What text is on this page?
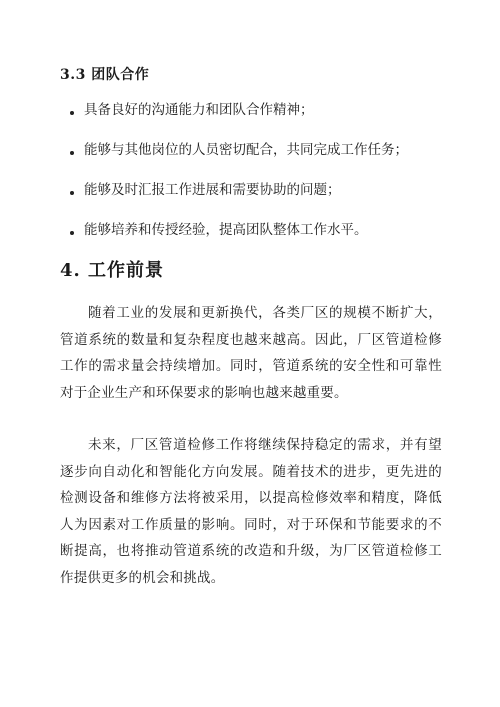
3.3 团队合作
具备良好的沟通能力和团队合作精神；
能够与其他岗位的人员密切配合，共同完成工作任务；
能够及时汇报工作进展和需要协助的问题；
能够培养和传授经验，提高团队整体工作水平。
4. 工作前景

随着工业的发展和更新换代，各类厂区的规模不断扩大，管道系统的数量和复杂程度也越来越高。因此，厂区管道检修工作的需求量会持续增加。同时，管道系统的安全性和可靠性对于企业生产和环保要求的影响也越来越重要。

未来，厂区管道检修工作将继续保持稳定的需求，并有望逐步向自动化和智能化方向发展。随着技术的进步，更先进的检测设备和维修方法将被采用，以提高检修效率和精度，降低人为因素对工作质量的影响。同时，对于环保和节能要求的不断提高，也将推动管道系统的改造和升级，为厂区管道检修工作提供更多的机会和挑战。
